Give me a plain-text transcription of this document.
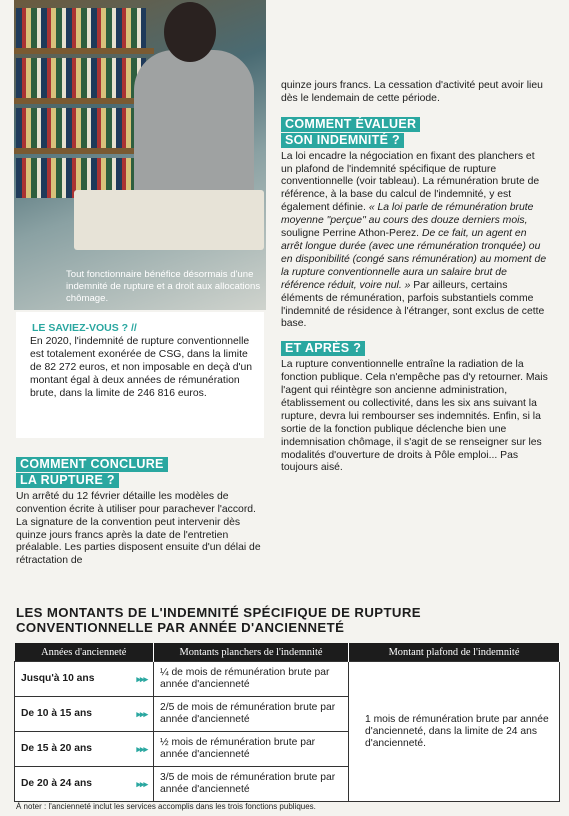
Tout fonctionnaire bénéfice désormais d'une indemnité de rupture et a droit aux allocations chômage.

quinze jours francs. La cessation d'activité peut avoir lieu dès le lendemain de cette période.

COMMENT ÉVALUER
SON INDEMNITÉ ?

La loi encadre la négociation en fixant des planchers et un plafond de l'indemnité spécifique de rupture conventionnelle (voir tableau). La rémunération brute de référence, à la base du calcul de l'indemnité, y est également définie. « La loi parle de rémunération brute moyenne "perçue" au cours des douze derniers mois, souligne Perrine Athon-Perez. De ce fait, un agent en arrêt longue durée (avec une rémunération tronquée) ou en disponibilité (congé sans rémunération) au moment de la rupture conventionnelle aura un salaire brut de référence réduit, voire nul. » Par ailleurs, certains éléments de rémunération, parfois substantiels comme l'indemnité de résidence à l'étranger, sont exclus de cette base.

ET APRÈS ?

La rupture conventionnelle entraîne la radiation de la fonction publique. Cela n'empêche pas d'y retourner. Mais l'agent qui réintègre son ancienne administration, établissement ou collectivité, dans les six ans suivant la rupture, devra lui rembourser ses indemnités. Enfin, si la sortie de la fonction publique déclenche bien une indemnisation chômage, il s'agit de se renseigner sur les modalités d'ouverture de droits à Pôle emploi... Pas toujours aisé.

LE SAVIEZ-VOUS ? //
En 2020, l'indemnité de rupture conventionnelle est totalement exonérée de CSG, dans la limite de 82 272 euros, et non imposable en deçà d'un montant égal à deux années de rémunération brute, dans la limite de 246 816 euros.
COMMENT CONCLURE
LA RUPTURE ?

Un arrêté du 12 février détaille les modèles de convention écrite à utiliser pour parachever l'accord. La signature de la convention peut intervenir dès quinze jours francs après la date de l'entretien préalable. Les parties disposent ensuite d'un délai de rétractation de

LES MONTANTS DE L'INDEMNITÉ SPÉCIFIQUE DE RUPTURE CONVENTIONNELLE PAR ANNÉE D'ANCIENNETÉ
Années d'ancienneté	Montants planchers de l'indemnité	Montant plafond de l'indemnité
Jusqu'à 10 ans ▸▸▸	¼ de mois de rémunération brute par année d'ancienneté	1 mois de rémunération brute par année d'ancienneté, dans la limite de 24 ans d'ancienneté.
De 10 à 15 ans ▸▸▸	2/5 de mois de rémunération brute par année d'ancienneté	
De 15 à 20 ans ▸▸▸	½ mois de rémunération brute par année d'ancienneté	
De 20 à 24 ans ▸▸▸	3/5 de mois de rémunération brute par année d'ancienneté	
À noter : l'ancienneté inclut les services accomplis dans les trois fonctions publiques.
